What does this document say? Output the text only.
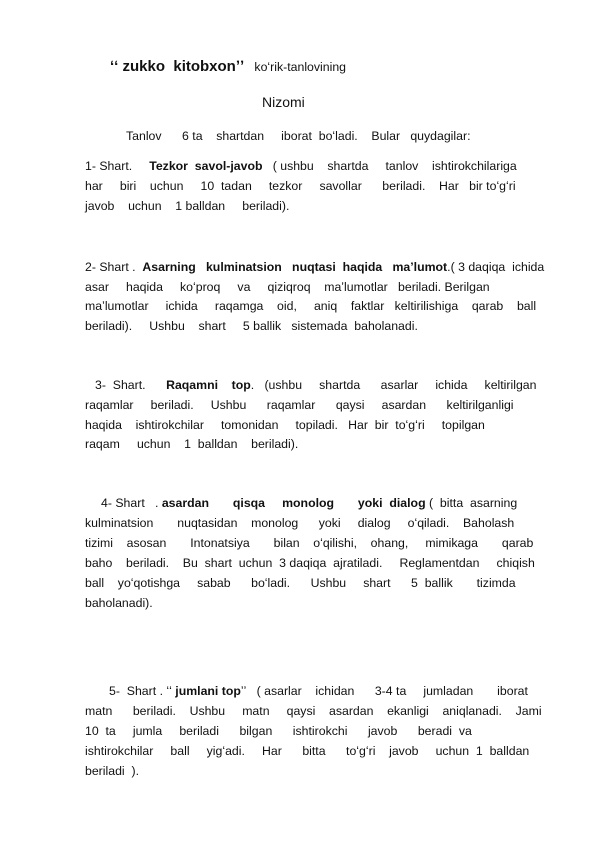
ʻʻ zukko  kitobxonʼʼ   koʻrik-tanlovining
Nizomi
Tanlov      6 ta    shartdan     iborat  boʻladi.    Bular   quydagilar:
1- Shart.     Tezkor  savol-javob   ( ushbu    shartda     tanlov    ishtirokchilariga
har     biri    uchun     10  tadan     tezkor     savollar      beriladi.    Har   bir toʻgʻri
javob    uchun    1 balldan     beriladi).
2- Shart .  Asarning   kulminatsion   nuqtasi  haqida   maʼlumot.( 3 daqiqa  ichida
asar     haqida     koʻproq     va     qiziqroq    maʼlumotlar   beriladi. Berilgan
maʼlumotlar     ichida     raqamga    oid,     aniq    faktlar   keltirilishiga    qarab    ball
beriladi).     Ushbu    shart     5 ballik   sistemada  baholanadi.
3-  Shart.      Raqamni    top.   (ushbu     shartda      asarlar     ichida     keltirilgan
raqamlar     beriladi.     Ushbu      raqamlar      qaysi     asardan      keltirilganligi
haqida    ishtirokchilar     tomonidan     topiladi.   Har  bir  toʻgʻri     topilgan
raqam     uchun    1  balldan    beriladi).
4- Shart   . asardan       qisqa     monolog       yoki  dialog (  bitta  asarning
kulminatsion       nuqtasidan    monolog      yoki     dialog     oʻqiladi.    Baholash
tizimi    asosan       Intonatsiya       bilan    oʻqilishi,    ohang,     mimikaga       qarab
baho    beriladi.    Bu  shart  uchun  3 daqiqa  ajratiladi.     Reglamentdan     chiqish
ball    yoʻqotishga     sabab      boʻladi.      Ushbu     shart      5  ballik       tizimda
baholanadi).
5-  Shart . ʻʻ jumlani topʼʼ   ( asarlar    ichidan      3-4 ta     jumladan       iborat
matn      beriladi.    Ushbu     matn     qaysi    asardan    ekanligi    aniqlanadi.    Jami
10  ta     jumla     beriladi      bilgan      ishtirokchi      javob      beradi  va
ishtirokchilar     ball     yigʻadi.     Har      bitta      toʻgʻri    javob     uchun  1  balldan
beriladi  ).
